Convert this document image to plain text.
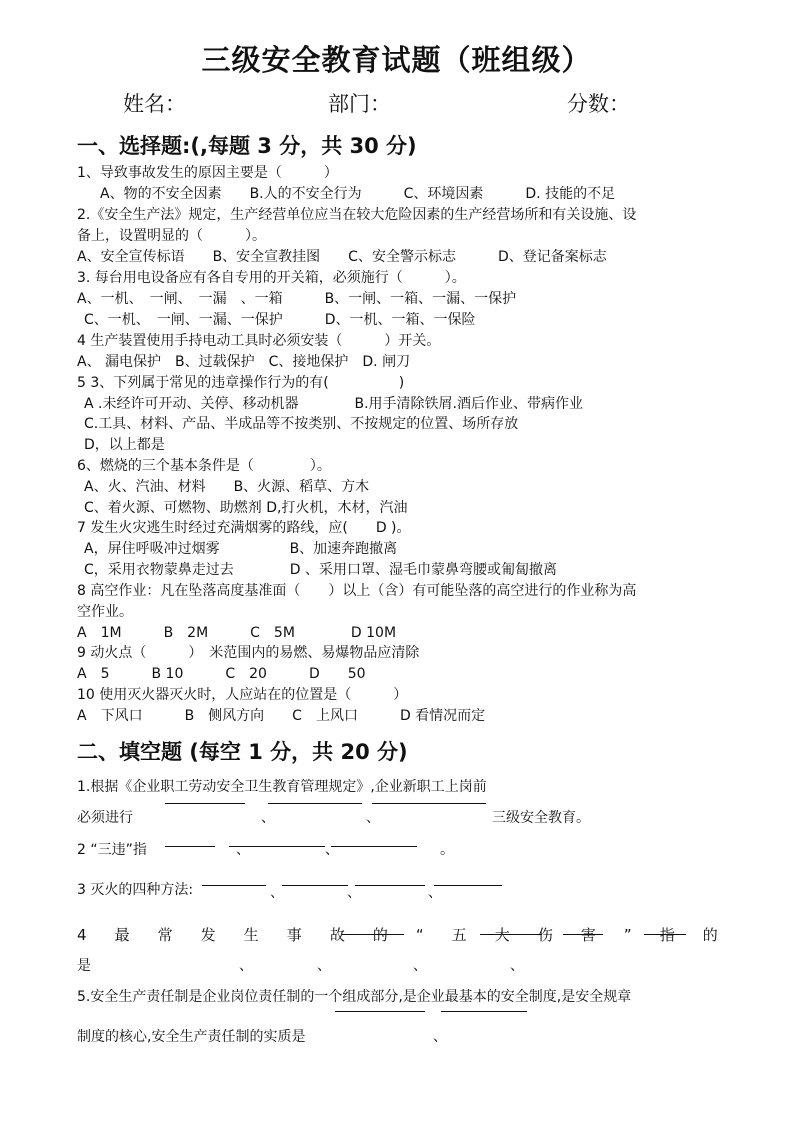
三级安全教育试题（班组级）
姓名：	部门：	分数：
一、选择题:(,每题 3 分，共 30 分)
1、导致事故发生的原因主要是（　　　）
A、物的不安全因素　　B.人的不安全行为　　　C、环境因素　　　D. 技能的不足
2.《安全生产法》规定，生产经营单位应当在较大危险因素的生产经营场所和有关设施、设
备上，设置明显的（　　　）。
A、安全宣传标语　　B、安全宣教挂图　　C、安全警示标志　　　D、登记备案标志
3. 每台用电设备应有各自专用的开关箱，必须施行（　　　）。
A、一机、　一闸、　一漏　、一箱　　　B、一闸、一箱、一漏、一保护
C、一机、　一闸、一漏、一保护　　　D、一机、一箱、一保险
4 生产装置使用手持电动工具时必须安装（　　　）开关。
A、 漏电保护　B、过载保护　C、接地保护　D. 闸刀
5 3、下列属于常见的违章操作行为的有(　　　　　)
A .未经许可开动、关停、移动机器　　　　B.用手清除铁屑.酒后作业、带病作业
C.工具、材料、产品、半成品等不按类别、不按规定的位置、场所存放
D，以上都是
6、燃烧的三个基本条件是（　　　　）。
A、火、汽油、材料　　B、火源、稻草、方木
C、着火源、可燃物、助燃剂 D,打火机，木材，汽油
7 发生火灾逃生时经过充满烟雾的路线，应(　　D )。
A，屏住呼吸冲过烟雾　　　　　B、加速奔跑撤离
C，采用衣物蒙鼻走过去　　　　D 、采用口罩、湿毛巾蒙鼻弯腰或匍匐撤离
8 高空作业：凡在坠落高度基准面（　　）以上（含）有可能坠落的高空进行的作业称为高
空作业。
A　1M　　　B　2M　　　C　5M　　　　D 10M
9 动火点（　　　）　米范围内的易燃、易爆物品应清除
A　5　　　B 10　　　C　20　　　D　　50
10 使用灭火器灭火时，人应站在的位置是（　　　）
A　下风口　　　B　侧风方向　　C　上风口　　　D 看情况而定
二、填空题 (每空 1 分，共 20 分)
1.根据《企业职工劳动安全卫生教育管理规定》,企业新职工上岗前
必须进行	、	、	三级安全教育。
2 “三违”指	、	、	。
3 灭火的四种方法:	、	、	、
4 最 常 发 生 事 故 的 “ 五 大 伤 害 ” 指 的
是	、	、	、	、
5.安全生产责任制是企业岗位责任制的一个组成部分,是企业最基本的安全制度,是安全规章
制度的核心,安全生产责任制的实质是	、
